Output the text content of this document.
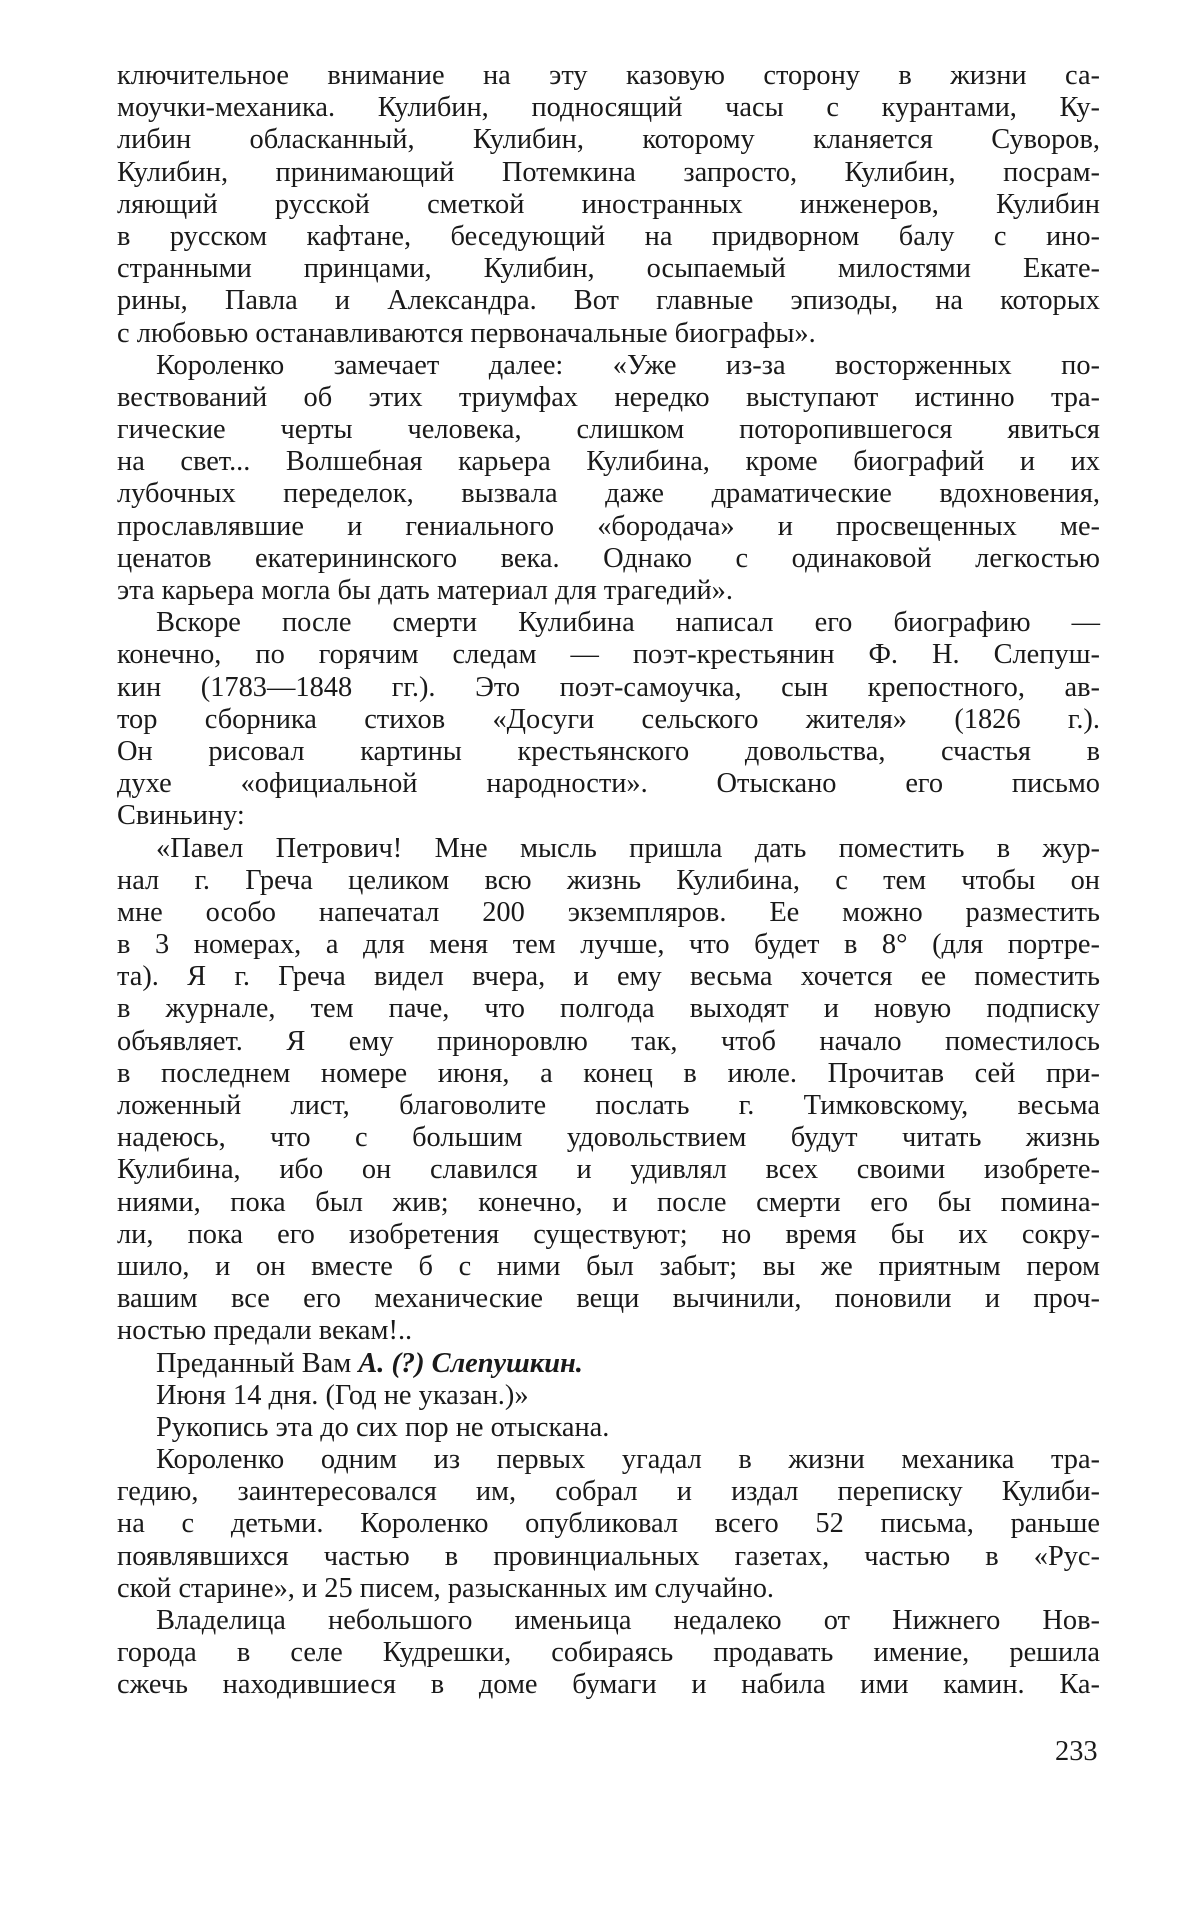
ключительное внимание на эту казовую сторону в жизни са-
моучки-механика. Кулибин, подносящий часы с курантами, Ку-
либин обласканный, Кулибин, которому кланяется Суворов,
Кулибин, принимающий Потемкина запросто, Кулибин, посрам-
ляющий русской сметкой иностранных инженеров, Кулибин
в русском кафтане, беседующий на придворном балу с ино-
странными принцами, Кулибин, осыпаемый милостями Екате-
рины, Павла и Александра. Вот главные эпизоды, на которых
с любовью останавливаются первоначальные биографы».
Короленко замечает далее: «Уже из-за восторженных по-
вествований об этих триумфах нередко выступают истинно тра-
гические черты человека, слишком поторопившегося явиться
на свет... Волшебная карьера Кулибина, кроме биографий и их
лубочных переделок, вызвала даже драматические вдохновения,
прославлявшие и гениального «бородача» и просвещенных ме-
ценатов екатерининского века. Однако с одинаковой легкостью
эта карьера могла бы дать материал для трагедий».
Вскоре после смерти Кулибина написал его биографию —
конечно, по горячим следам — поэт-крестьянин Ф. Н. Слепуш-
кин (1783—1848 гг.). Это поэт-самоучка, сын крепостного, ав-
тор сборника стихов «Досуги сельского жителя» (1826 г.).
Он рисовал картины крестьянского довольства, счастья в
духе «официальной народности». Отыскано его письмо
Свиньину:
«Павел Петрович! Мне мысль пришла дать поместить в жур-
нал г. Греча целиком всю жизнь Кулибина, с тем чтобы он
мне особо напечатал 200 экземпляров. Ее можно разместить
в 3 номерах, а для меня тем лучше, что будет в 8° (для портре-
та). Я г. Греча видел вчера, и ему весьма хочется ее поместить
в журнале, тем паче, что полгода выходят и новую подписку
объявляет. Я ему приноровлю так, чтоб начало поместилось
в последнем номере июня, а конец в июле. Прочитав сей при-
ложенный лист, благоволите послать г. Тимковскому, весьма
надеюсь, что с большим удовольствием будут читать жизнь
Кулибина, ибо он славился и удивлял всех своими изобрете-
ниями, пока был жив; конечно, и после смерти его бы помина-
ли, пока его изобретения существуют; но время бы их сокру-
шило, и он вместе б с ними был забыт; вы же приятным пером
вашим все его механические вещи вычинили, поновили и проч-
ностью предали векам!..
Преданный Вам А. (?) Слепушкин.
Июня 14 дня. (Год не указан.)»
Рукопись эта до сих пор не отыскана.
Короленко одним из первых угадал в жизни механика тра-
гедию, заинтересовался им, собрал и издал переписку Кулиби-
на с детьми. Короленко опубликовал всего 52 письма, раньше
появлявшихся частью в провинциальных газетах, частью в «Рус-
ской старине», и 25 писем, разысканных им случайно.
Владелица небольшого именьица недалеко от Нижнего Нов-
города в селе Кудрешки, собираясь продавать имение, решила
сжечь находившиеся в доме бумаги и набила ими камин. Ка-
233
